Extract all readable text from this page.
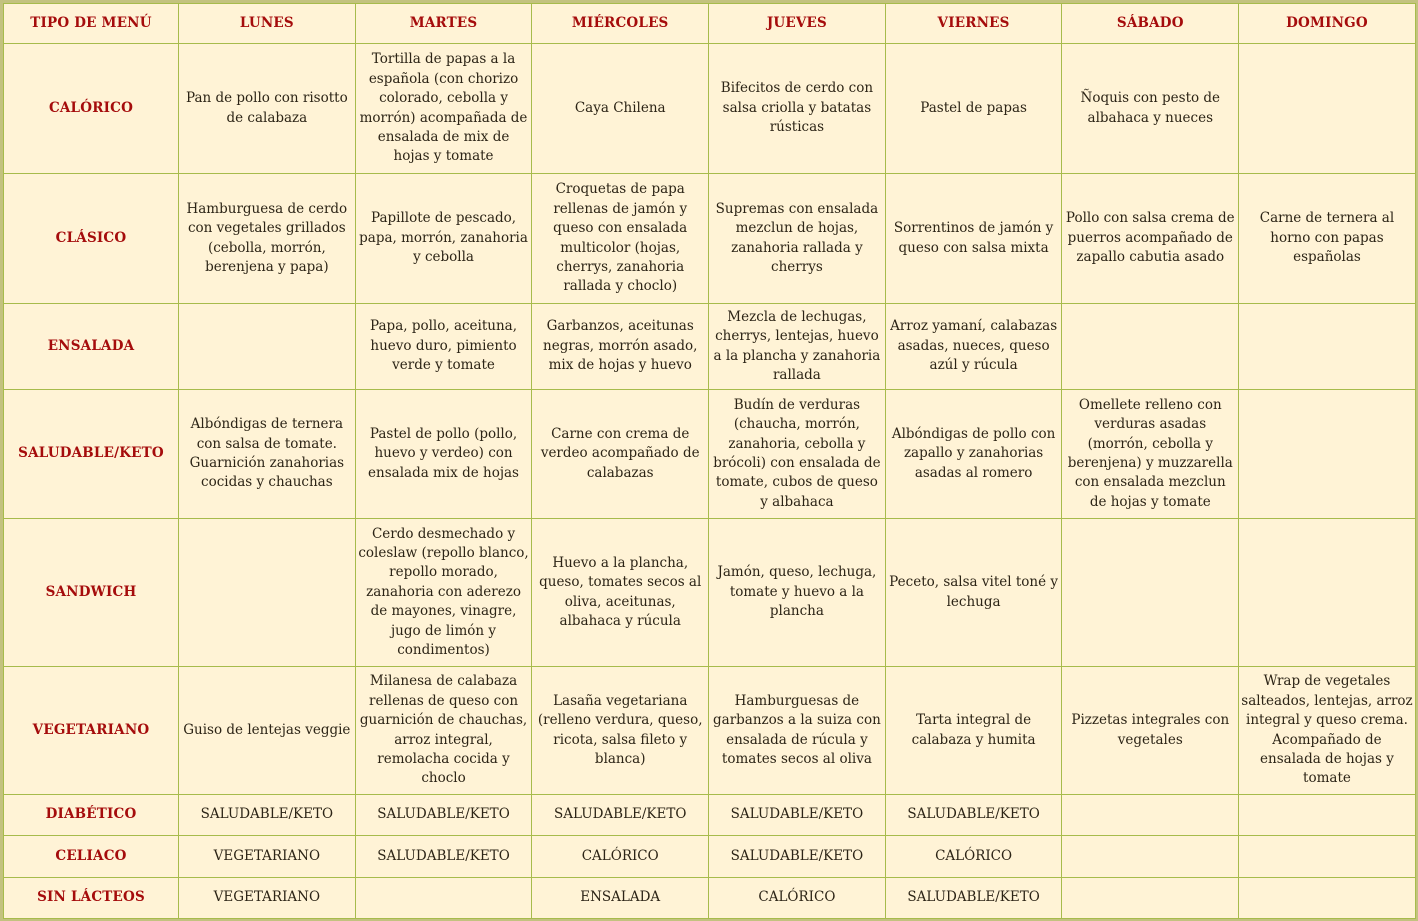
TIPO DE MENÚ	LUNES	MARTES	MIÉRCOLES	JUEVES	VIERNES	SÁBADO	DOMINGO
CALÓRICO	Pan de pollo con risotto de calabaza	Tortilla de papas a la española (con chorizo colorado, cebolla y morrón) acompañada de ensalada de mix de hojas y tomate	Caya Chilena	Bifecitos de cerdo con salsa criolla y batatas rústicas	Pastel de papas	Ñoquis con pesto de albahaca y nueces	
CLÁSICO	Hamburguesa de cerdo con vegetales grillados (cebolla, morrón, berenjena y papa)	Papillote de pescado, papa, morrón, zanahoria y cebolla	Croquetas de papa rellenas de jamón y queso con ensalada multicolor (hojas, cherrys, zanahoria rallada y choclo)	Supremas con ensalada mezclun de hojas, zanahoria rallada y cherrys	Sorrentinos de jamón y queso con salsa mixta	Pollo con salsa crema de puerros acompañado de zapallo cabutia asado	Carne de ternera al horno con papas españolas
ENSALADA		Papa, pollo, aceituna, huevo duro, pimiento verde y tomate	Garbanzos, aceitunas negras, morrón asado, mix de hojas y huevo	Mezcla de lechugas, cherrys, lentejas, huevo a la plancha y zanahoria rallada	Arroz yamaní, calabazas asadas, nueces, queso azúl y rúcula		
SALUDABLE/KETO	Albóndigas de ternera con salsa de tomate. Guarnición zanahorias cocidas y chauchas	Pastel de pollo (pollo, huevo y verdeo) con ensalada mix de hojas	Carne con crema de verdeo acompañado de calabazas	Budín de verduras (chaucha, morrón, zanahoria, cebolla y brócoli) con ensalada de tomate, cubos de queso y albahaca	Albóndigas de pollo con zapallo y zanahorias asadas al romero	Omellete relleno con verduras asadas (morrón, cebolla y berenjena) y muzzarella con ensalada mezclun de hojas y tomate	
SANDWICH		Cerdo desmechado y coleslaw (repollo blanco, repollo morado, zanahoria con aderezo de mayones, vinagre, jugo de limón y condimentos)	Huevo a la plancha, queso, tomates secos al oliva, aceitunas, albahaca y rúcula	Jamón, queso, lechuga, tomate y huevo a la plancha	Peceto, salsa vitel toné y lechuga		
VEGETARIANO	Guiso de lentejas veggie	Milanesa de calabaza rellenas de queso con guarnición de chauchas, arroz integral, remolacha cocida y choclo	Lasaña vegetariana (relleno verdura, queso, ricota, salsa fileto y blanca)	Hamburguesas de garbanzos a la suiza con ensalada de rúcula y tomates secos al oliva	Tarta integral de calabaza y humita	Pizzetas integrales con vegetales	Wrap de vegetales salteados, lentejas, arroz integral y queso crema. Acompañado de ensalada de hojas y tomate
DIABÉTICO	SALUDABLE/KETO	SALUDABLE/KETO	SALUDABLE/KETO	SALUDABLE/KETO	SALUDABLE/KETO		
CELIACO	VEGETARIANO	SALUDABLE/KETO	CALÓRICO	SALUDABLE/KETO	CALÓRICO		
SIN LÁCTEOS	VEGETARIANO		ENSALADA	CALÓRICO	SALUDABLE/KETO		
